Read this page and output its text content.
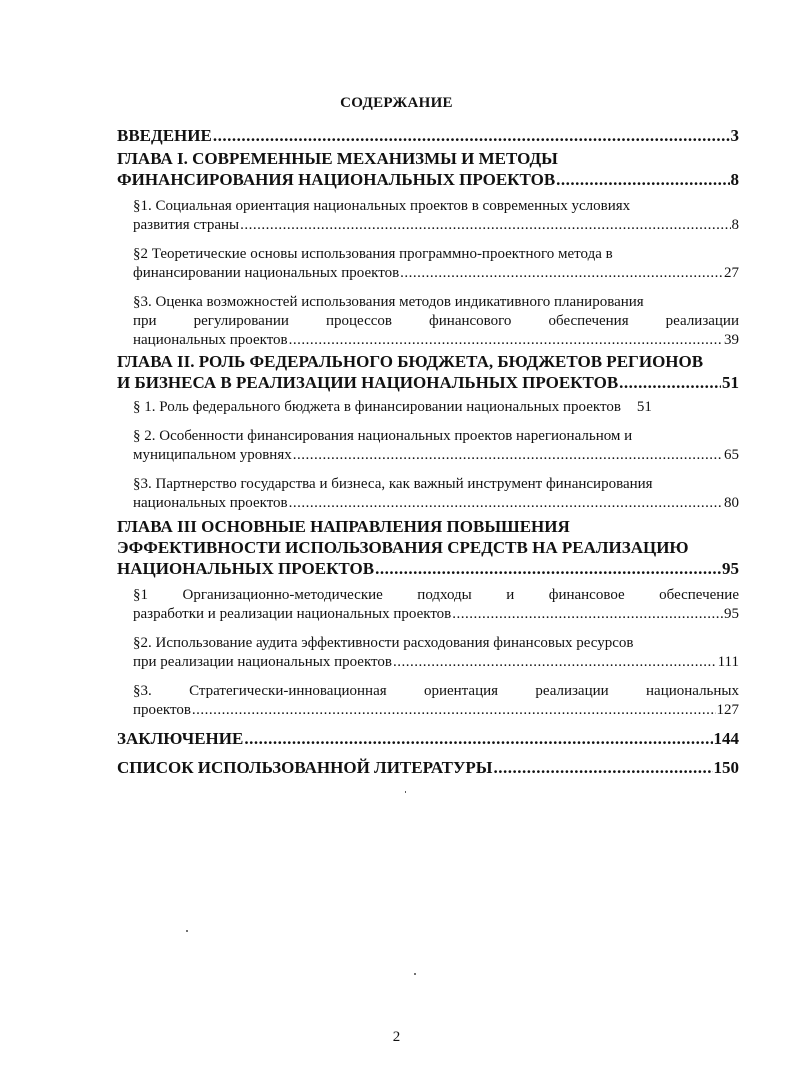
СОДЕРЖАНИЕ
ВВЕДЕНИЕ .....	3
ГЛАВА I. СОВРЕМЕННЫЕ МЕХАНИЗМЫ И МЕТОДЫ
ФИНАНСИРОВАНИЯ НАЦИОНАЛЬНЫХ ПРОЕКТОВ .....	8
§1. Социальная ориентация национальных проектов в современных условиях
развития страны .....	8
§2 Теоретические основы использования программно-проектного метода в
финансировании национальных проектов .....	27
§3. Оценка возможностей использования методов индикативного планирования
при регулировании процессов финансового обеспечения реализации
национальных проектов .....	39
ГЛАВА II. РОЛЬ ФЕДЕРАЛЬНОГО БЮДЖЕТА, БЮДЖЕТОВ РЕГИОНОВ
И БИЗНЕСА В РЕАЛИЗАЦИИ НАЦИОНАЛЬНЫХ ПРОЕКТОВ .....	51
§ 1. Роль федерального бюджета в финансировании национальных проектов 51
§ 2. Особенности финансирования национальных проектов нарегиональном и
муниципальном уровнях .....	65
§3. Партнерство государства и бизнеса, как важный инструмент финансирования
национальных проектов .....	80
ГЛАВА III ОСНОВНЫЕ НАПРАВЛЕНИЯ ПОВЫШЕНИЯ
ЭФФЕКТИВНОСТИ ИСПОЛЬЗОВАНИЯ СРЕДСТВ НА РЕАЛИЗАЦИЮ
НАЦИОНАЛЬНЫХ ПРОЕКТОВ .....	95
§1 Организационно-методические подходы и финансовое обеспечение
разработки и реализации национальных проектов .....	95
§2. Использование аудита эффективности расходования финансовых ресурсов
при реализации национальных проектов .....	111
§3. Стратегически-инновационная ориентация реализации национальных
проектов .....	127
ЗАКЛЮЧЕНИЕ .....	144
СПИСОК ИСПОЛЬЗОВАННОЙ ЛИТЕРАТУРЫ .....	150
2
